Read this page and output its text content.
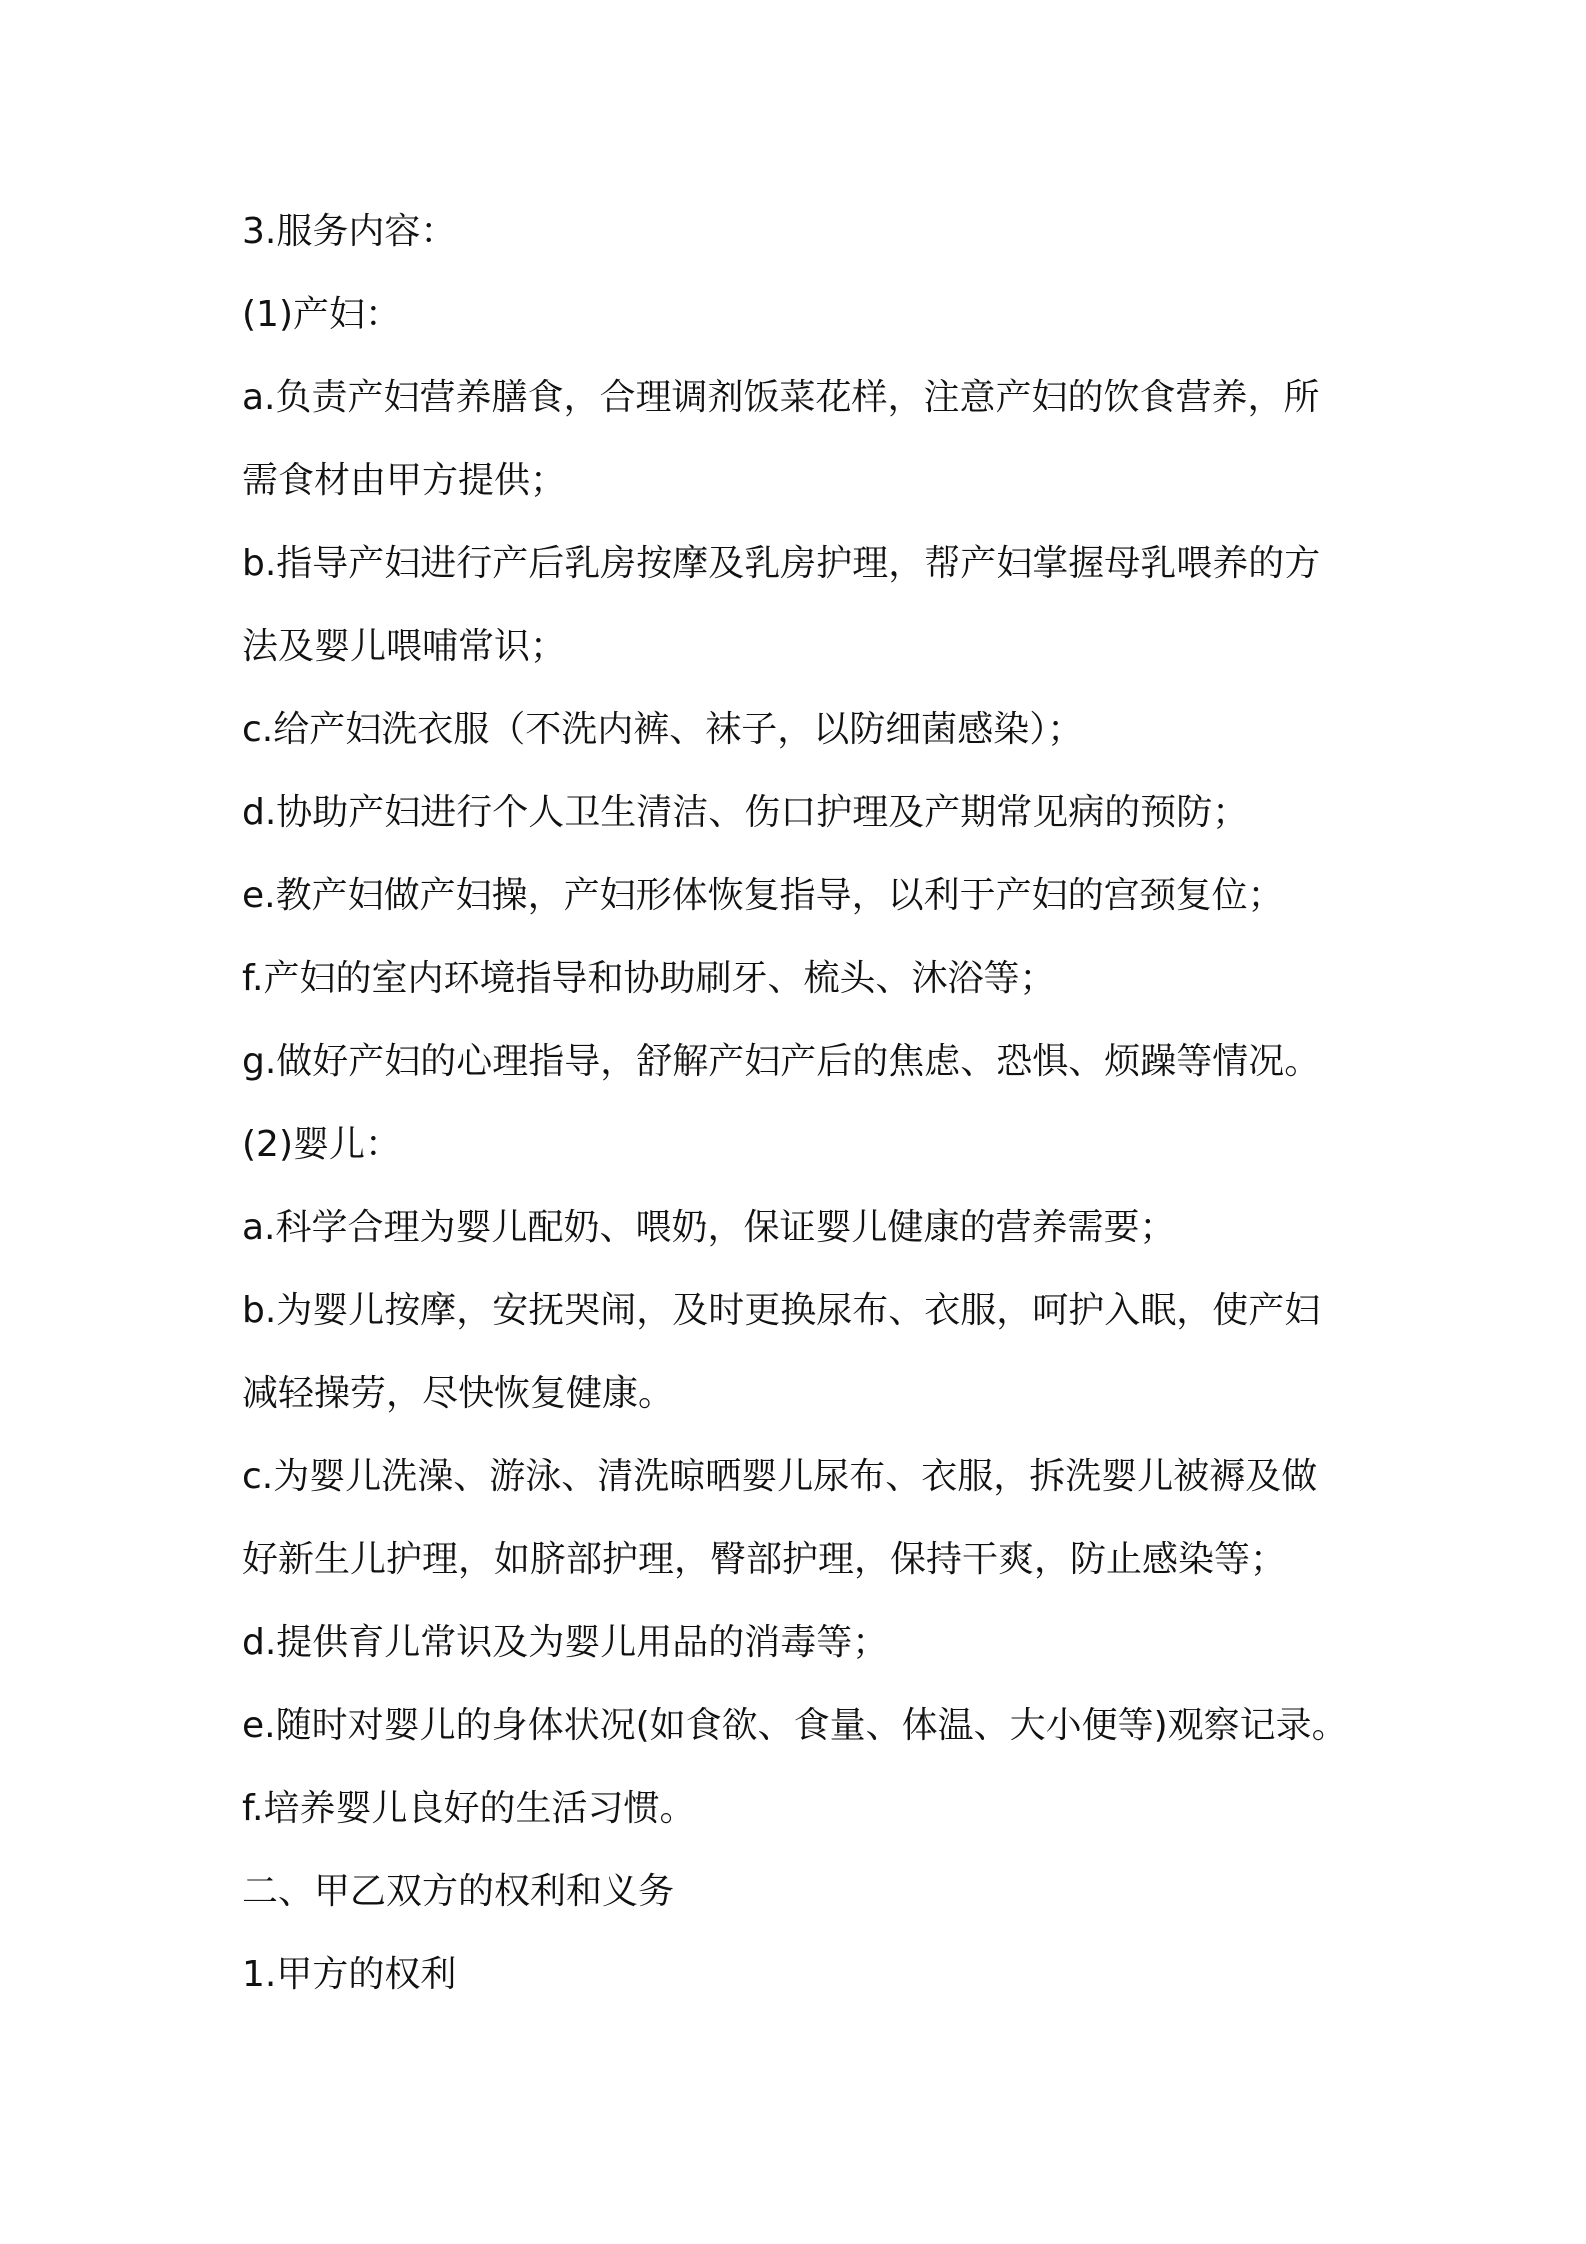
3.服务内容：
(1)产妇：
a.负责产妇营养膳食，合理调剂饭菜花样，注意产妇的饮食营养，所
需食材由甲方提供；
b.指导产妇进行产后乳房按摩及乳房护理，帮产妇掌握母乳喂养的方
法及婴儿喂哺常识；
c.给产妇洗衣服（不洗内裤、袜子，以防细菌感染）；
d.协助产妇进行个人卫生清洁、伤口护理及产期常见病的预防；
e.教产妇做产妇操，产妇形体恢复指导，以利于产妇的宫颈复位；
f.产妇的室内环境指导和协助刷牙、梳头、沐浴等；
g.做好产妇的心理指导，舒解产妇产后的焦虑、恐惧、烦躁等情况。
(2)婴儿：
a.科学合理为婴儿配奶、喂奶，保证婴儿健康的营养需要；
b.为婴儿按摩，安抚哭闹，及时更换尿布、衣服，呵护入眠，使产妇
减轻操劳，尽快恢复健康。
c.为婴儿洗澡、游泳、清洗晾晒婴儿尿布、衣服，拆洗婴儿被褥及做
好新生儿护理，如脐部护理，臀部护理，保持干爽，防止感染等；
d.提供育儿常识及为婴儿用品的消毒等；
e.随时对婴儿的身体状况(如食欲、食量、体温、大小便等)观察记录。
f.培养婴儿良好的生活习惯。
二、甲乙双方的权利和义务
1.甲方的权利
